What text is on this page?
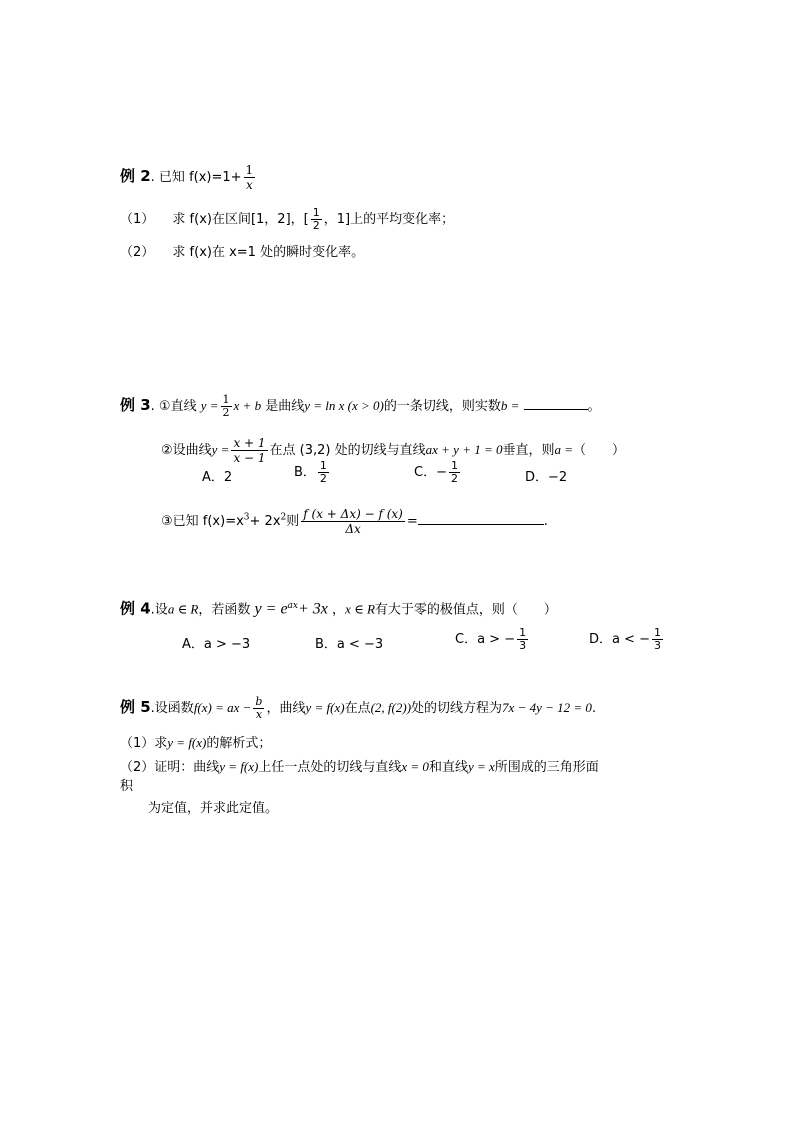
例 2. 已知 $f(x)=1+ \frac{1}{x}$
（1） 求 f(x)在区间[1，2]，[ $\frac{1}{2}$ ，1]上的平均变化率；
（2） 求 f(x)在 x=1 处的瞬时变化率。
例 3. ①直线 $y = \frac{1}{2}$ x + b 是曲线y = ln x (x > 0)的一条切线，则实数b =	。
②设曲线$y = \frac{x + 1}{x - 1}$ 在点 (3,2) 处的切线与直线ax + y + 1 = 0垂直，则a =（　　）
A．2	B． $\frac{1}{2}$	C．− $\frac{1}{2}$	D．−2
③已知 $f(x)=x^3+ 2x^2$则 $\frac{f (x + \Delta x) - f (x)}{\Delta x}$ =	.
例 4.设a ∈ R，若函数 $y = e^{ax}+ 3x$ ，x ∈ R有大于零的极值点，则（　　）
A．a > −3	B．a < −3	C．a > − $\frac{1}{3}$	D．a < − $\frac{1}{3}$
例 5.设函数f(x) = ax − $\frac{b}{x}$ ，曲线y = f(x)在点(2, f(2))处的切线方程为7x − 4y − 12 = 0.
（1）求y = f(x)的解析式；
（2）证明：曲线y = f(x)上任一点处的切线与直线x = 0和直线y = x所围成的三角形面
积
为定值，并求此定值。
